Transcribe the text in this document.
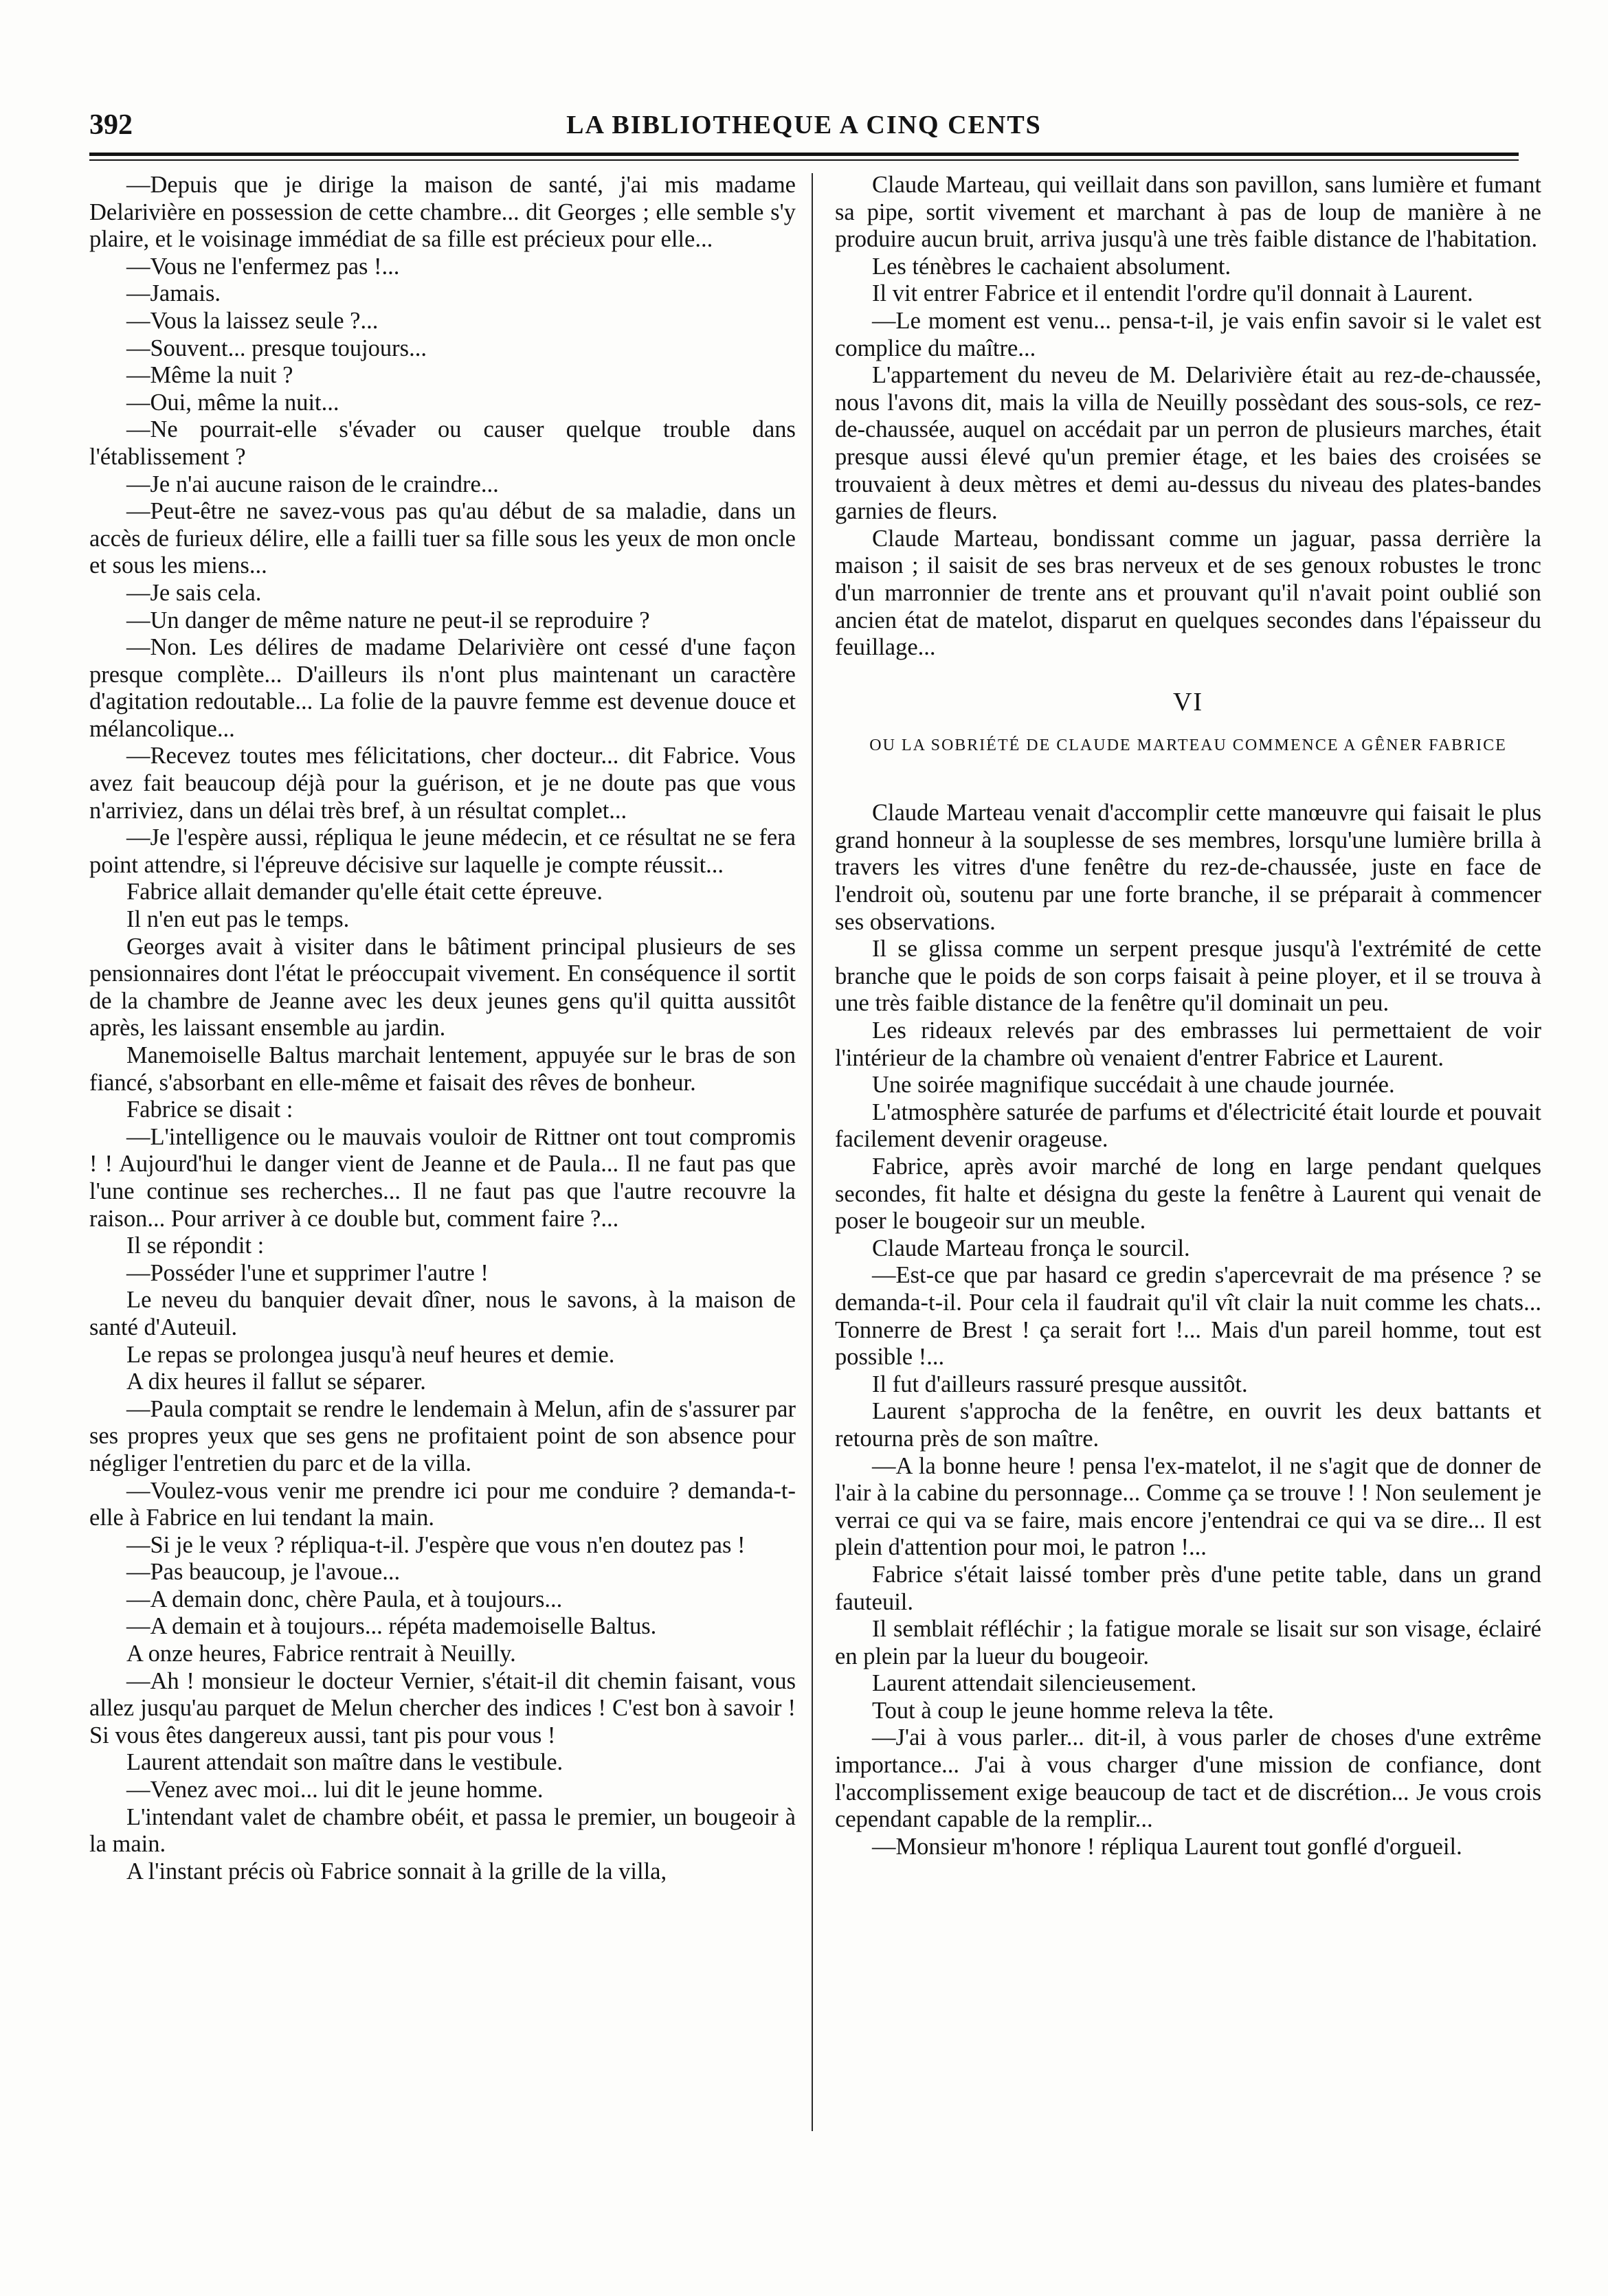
392	LA BIBLIOTHEQUE A CINQ CENTS

—Depuis que je dirige la maison de santé, j'ai mis madame Delarivière en possession de cette chambre... dit Georges ; elle semble s'y plaire, et le voisinage immédiat de sa fille est précieux pour elle...

—Vous ne l'enfermez pas !...

—Jamais.

—Vous la laissez seule ?...

—Souvent... presque toujours...

—Même la nuit ?

—Oui, même la nuit...

—Ne pourrait-elle s'évader ou causer quelque trouble dans l'établissement ?

—Je n'ai aucune raison de le craindre...

—Peut-être ne savez-vous pas qu'au début de sa maladie, dans un accès de furieux délire, elle a failli tuer sa fille sous les yeux de mon oncle et sous les miens...

—Je sais cela.

—Un danger de même nature ne peut-il se reproduire ?

—Non. Les délires de madame Delarivière ont cessé d'une façon presque complète... D'ailleurs ils n'ont plus maintenant un caractère d'agitation redoutable... La folie de la pauvre femme est devenue douce et mélancolique...

—Recevez toutes mes félicitations, cher docteur... dit Fabrice. Vous avez fait beaucoup déjà pour la guérison, et je ne doute pas que vous n'arriviez, dans un délai très bref, à un résultat complet...

—Je l'espère aussi, répliqua le jeune médecin, et ce résultat ne se fera point attendre, si l'épreuve décisive sur laquelle je compte réussit...

Fabrice allait demander qu'elle était cette épreuve.

Il n'en eut pas le temps.

Georges avait à visiter dans le bâtiment principal plusieurs de ses pensionnaires dont l'état le préoccupait vivement. En conséquence il sortit de la chambre de Jeanne avec les deux jeunes gens qu'il quitta aussitôt après, les laissant ensemble au jardin.

Manemoiselle Baltus marchait lentement, appuyée sur le bras de son fiancé, s'absorbant en elle-même et faisait des rêves de bonheur.

Fabrice se disait :

—L'intelligence ou le mauvais vouloir de Rittner ont tout compromis ! ! Aujourd'hui le danger vient de Jeanne et de Paula... Il ne faut pas que l'une continue ses recherches... Il ne faut pas que l'autre recouvre la raison... Pour arriver à ce double but, comment faire ?...

Il se répondit :

—Posséder l'une et supprimer l'autre !

Le neveu du banquier devait dîner, nous le savons, à la maison de santé d'Auteuil.

Le repas se prolongea jusqu'à neuf heures et demie.

A dix heures il fallut se séparer.

—Paula comptait se rendre le lendemain à Melun, afin de s'assurer par ses propres yeux que ses gens ne profitaient point de son absence pour négliger l'entretien du parc et de la villa.

—Voulez-vous venir me prendre ici pour me conduire ? demanda-t-elle à Fabrice en lui tendant la main.

—Si je le veux ? répliqua-t-il. J'espère que vous n'en doutez pas !

—Pas beaucoup, je l'avoue...

—A demain donc, chère Paula, et à toujours...

—A demain et à toujours... répéta mademoiselle Baltus.

A onze heures, Fabrice rentrait à Neuilly.

—Ah ! monsieur le docteur Vernier, s'était-il dit chemin faisant, vous allez jusqu'au parquet de Melun chercher des indices ! C'est bon à savoir ! Si vous êtes dangereux aussi, tant pis pour vous !

Laurent attendait son maître dans le vestibule.

—Venez avec moi... lui dit le jeune homme.

L'intendant valet de chambre obéit, et passa le premier, un bougeoir à la main.

A l'instant précis où Fabrice sonnait à la grille de la villa,

Claude Marteau, qui veillait dans son pavillon, sans lumière et fumant sa pipe, sortit vivement et marchant à pas de loup de manière à ne produire aucun bruit, arriva jusqu'à une très faible distance de l'habitation.

Les ténèbres le cachaient absolument.

Il vit entrer Fabrice et il entendit l'ordre qu'il donnait à Laurent.

—Le moment est venu... pensa-t-il, je vais enfin savoir si le valet est complice du maître...

L'appartement du neveu de M. Delarivière était au rez-de-chaussée, nous l'avons dit, mais la villa de Neuilly possèdant des sous-sols, ce rez-de-chaussée, auquel on accédait par un perron de plusieurs marches, était presque aussi élevé qu'un premier étage, et les baies des croisées se trouvaient à deux mètres et demi au-dessus du niveau des plates-bandes garnies de fleurs.

Claude Marteau, bondissant comme un jaguar, passa derrière la maison ; il saisit de ses bras nerveux et de ses genoux robustes le tronc d'un marronnier de trente ans et prouvant qu'il n'avait point oublié son ancien état de matelot, disparut en quelques secondes dans l'épaisseur du feuillage...

VI
OU LA SOBRIÉTÉ DE CLAUDE MARTEAU COMMENCE A GÊNER FABRICE

Claude Marteau venait d'accomplir cette manœuvre qui faisait le plus grand honneur à la souplesse de ses membres, lorsqu'une lumière brilla à travers les vitres d'une fenêtre du rez-de-chaussée, juste en face de l'endroit où, soutenu par une forte branche, il se préparait à commencer ses observations.

Il se glissa comme un serpent presque jusqu'à l'extrémité de cette branche que le poids de son corps faisait à peine ployer, et il se trouva à une très faible distance de la fenêtre qu'il dominait un peu.

Les rideaux relevés par des embrasses lui permettaient de voir l'intérieur de la chambre où venaient d'entrer Fabrice et Laurent.

Une soirée magnifique succédait à une chaude journée.

L'atmosphère saturée de parfums et d'électricité était lourde et pouvait facilement devenir orageuse.

Fabrice, après avoir marché de long en large pendant quelques secondes, fit halte et désigna du geste la fenêtre à Laurent qui venait de poser le bougeoir sur un meuble.

Claude Marteau fronça le sourcil.

—Est-ce que par hasard ce gredin s'apercevrait de ma présence ? se demanda-t-il. Pour cela il faudrait qu'il vît clair la nuit comme les chats... Tonnerre de Brest ! ça serait fort !... Mais d'un pareil homme, tout est possible !...

Il fut d'ailleurs rassuré presque aussitôt.

Laurent s'approcha de la fenêtre, en ouvrit les deux battants et retourna près de son maître.

—A la bonne heure ! pensa l'ex-matelot, il ne s'agit que de donner de l'air à la cabine du personnage... Comme ça se trouve ! ! Non seulement je verrai ce qui va se faire, mais encore j'entendrai ce qui va se dire... Il est plein d'attention pour moi, le patron !...

Fabrice s'était laissé tomber près d'une petite table, dans un grand fauteuil.

Il semblait réfléchir ; la fatigue morale se lisait sur son visage, éclairé en plein par la lueur du bougeoir.

Laurent attendait silencieusement.

Tout à coup le jeune homme releva la tête.

—J'ai à vous parler... dit-il, à vous parler de choses d'une extrême importance... J'ai à vous charger d'une mission de confiance, dont l'accomplissement exige beaucoup de tact et de discrétion... Je vous crois cependant capable de la remplir...

—Monsieur m'honore ! répliqua Laurent tout gonflé d'orgueil.
